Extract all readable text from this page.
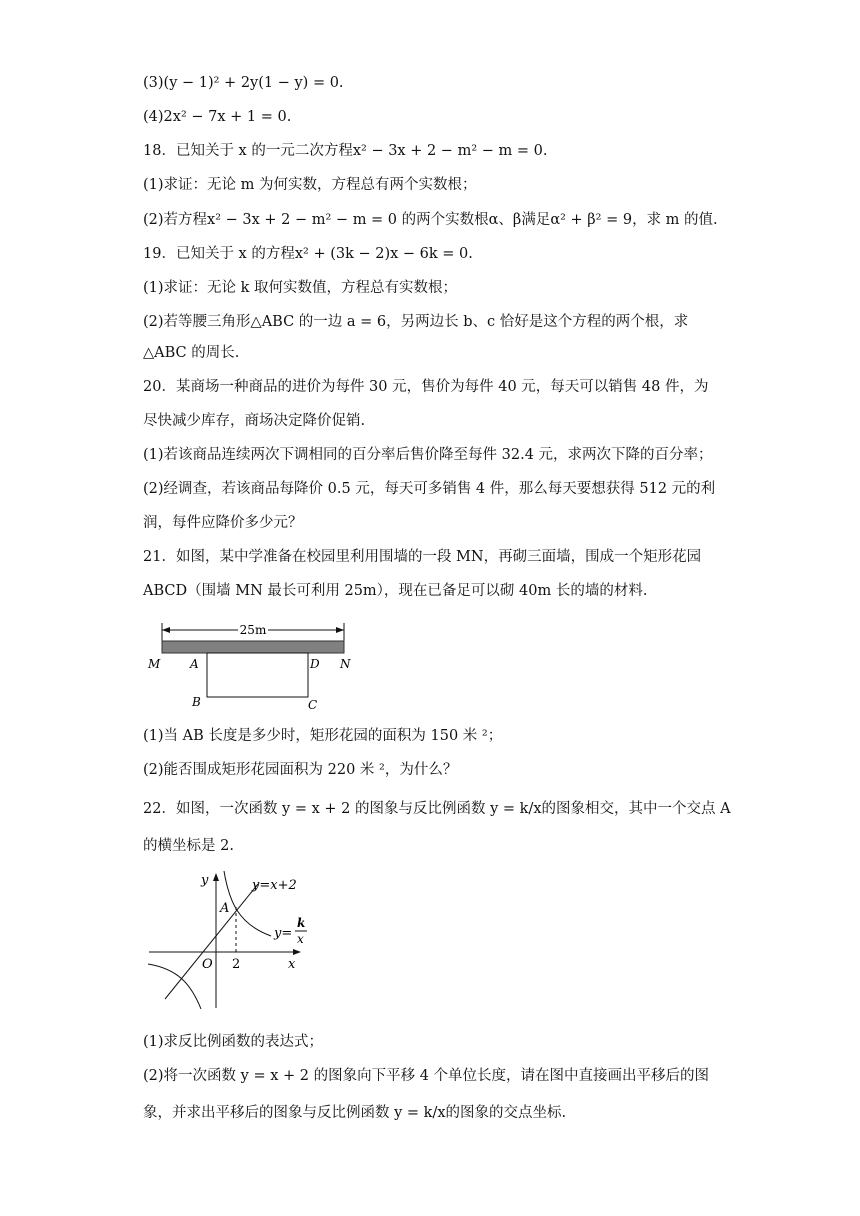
(3)(y − 1)² + 2y(1 − y) = 0.
(4)2x² − 7x + 1 = 0.
18．已知关于 x 的一元二次方程x² − 3x + 2 − m² − m = 0.
(1)求证：无论 m 为何实数，方程总有两个实数根；
(2)若方程x² − 3x + 2 − m² − m = 0 的两个实数根α、β满足α² + β² = 9，求 m 的值.
19．已知关于 x 的方程x² + (3k − 2)x − 6k = 0.
(1)求证：无论 k 取何实数值，方程总有实数根；
(2)若等腰三角形△ABC 的一边 a = 6，另两边长 b、c 恰好是这个方程的两个根，求
△ABC 的周长.
20．某商场一种商品的进价为每件 30 元，售价为每件 40 元，每天可以销售 48 件，为
尽快减少库存，商场决定降价促销.
(1)若该商品连续两次下调相同的百分率后售价降至每件 32.4 元，求两次下降的百分率；
(2)经调查，若该商品每降价 0.5 元，每天可多销售 4 件，那么每天要想获得 512 元的利
润，每件应降价多少元？
21．如图，某中学准备在校园里利用围墙的一段 MN，再砌三面墙，围成一个矩形花园
ABCD（围墙 MN 最长可利用 25m），现在已备足可以砌 40m 长的墙的材料.
25m
M A	D N
B	C
(1)当 AB 长度是多少时，矩形花园的面积为 150 米 ²；
(2)能否围成矩形花园面积为 220 米 ²，为什么？
22．如图，一次函数 y = x + 2 的图象与反比例函数 y = k/x的图象相交，其中一个交点 A
的横坐标是 2.
y
x
O 2
A
y=x+2
y=
k
x
(1)求反比例函数的表达式；
(2)将一次函数 y = x + 2 的图象向下平移 4 个单位长度，请在图中直接画出平移后的图
象，并求出平移后的图象与反比例函数 y = k/x的图象的交点坐标.
